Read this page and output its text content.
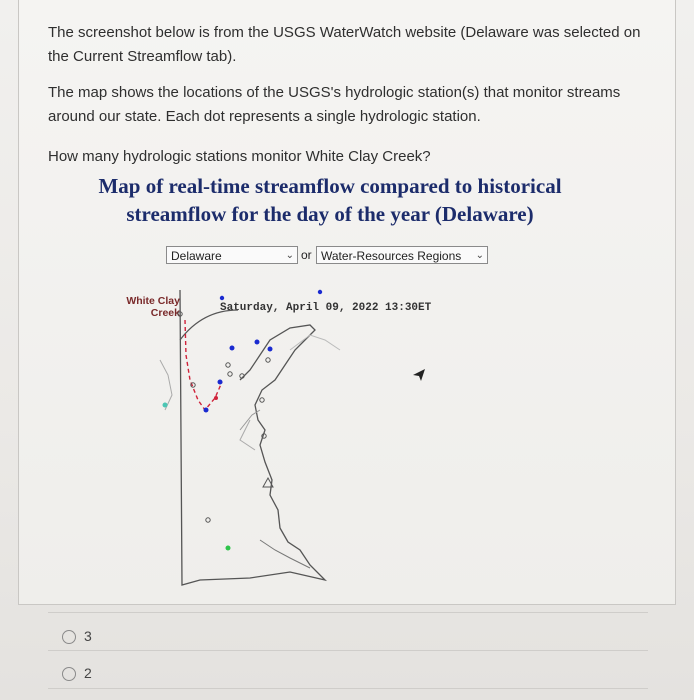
The screenshot below is from the USGS WaterWatch website (Delaware was selected on the Current Streamflow tab).

The map shows the locations of the USGS's hydrologic station(s) that monitor streams around our state. Each dot represents a single hydrologic station.

How many hydrologic stations monitor White Clay Creek?

Map of real-time streamflow compared to historical
streamflow for the day of the year (Delaware)
Delaware	⌄ or Water-Resources Regions ⌄
White Clay
Creek	Saturday, April 09, 2022 13:30ET
3
2
